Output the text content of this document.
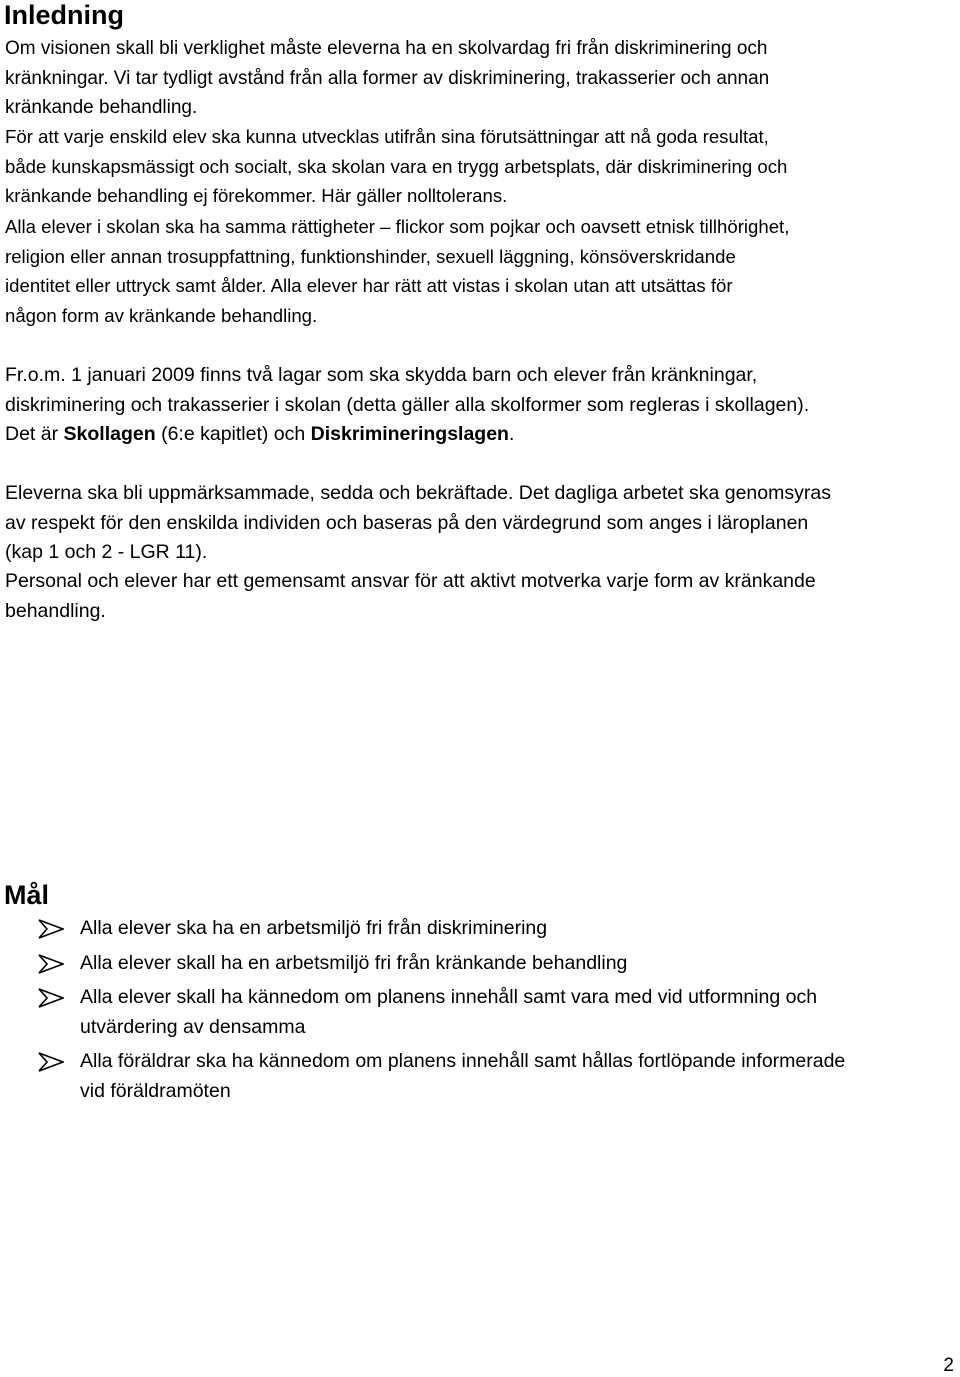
Inledning

Om visionen skall bli verklighet måste eleverna ha en skolvardag fri från diskriminering och
kränkningar. Vi tar tydligt avstånd från alla former av diskriminering, trakasserier och annan
kränkande behandling.

För att varje enskild elev ska kunna utvecklas utifrån sina förutsättningar att nå goda resultat,
både kunskapsmässigt och socialt, ska skolan vara en trygg arbetsplats, där diskriminering och
kränkande behandling ej förekommer. Här gäller nolltolerans.

Alla elever i skolan ska ha samma rättigheter – flickor som pojkar och oavsett etnisk tillhörighet,
religion eller annan trosuppfattning, funktionshinder, sexuell läggning, könsöverskridande
identitet eller uttryck samt ålder. Alla elever har rätt att vistas i skolan utan att utsättas för
någon form av kränkande behandling.

Fr.o.m. 1 januari 2009 finns två lagar som ska skydda barn och elever från kränkningar,
diskriminering och trakasserier i skolan (detta gäller alla skolformer som regleras i skollagen).
Det är Skollagen (6:e kapitlet) och Diskrimineringslagen.

Eleverna ska bli uppmärksammade, sedda och bekräftade. Det dagliga arbetet ska genomsyras
av respekt för den enskilda individen och baseras på den värdegrund som anges i läroplanen
(kap 1 och 2 - LGR 11).

Personal och elever har ett gemensamt ansvar för att aktivt motverka varje form av kränkande
behandling.

Mål
Alla elever ska ha en arbetsmiljö fri från diskriminering
Alla elever skall ha en arbetsmiljö fri från kränkande behandling
Alla elever skall ha kännedom om planens innehåll samt vara med vid utformning och
utvärdering av densamma
Alla föräldrar ska ha kännedom om planens innehåll samt hållas fortlöpande informerade
vid föräldramöten
2
